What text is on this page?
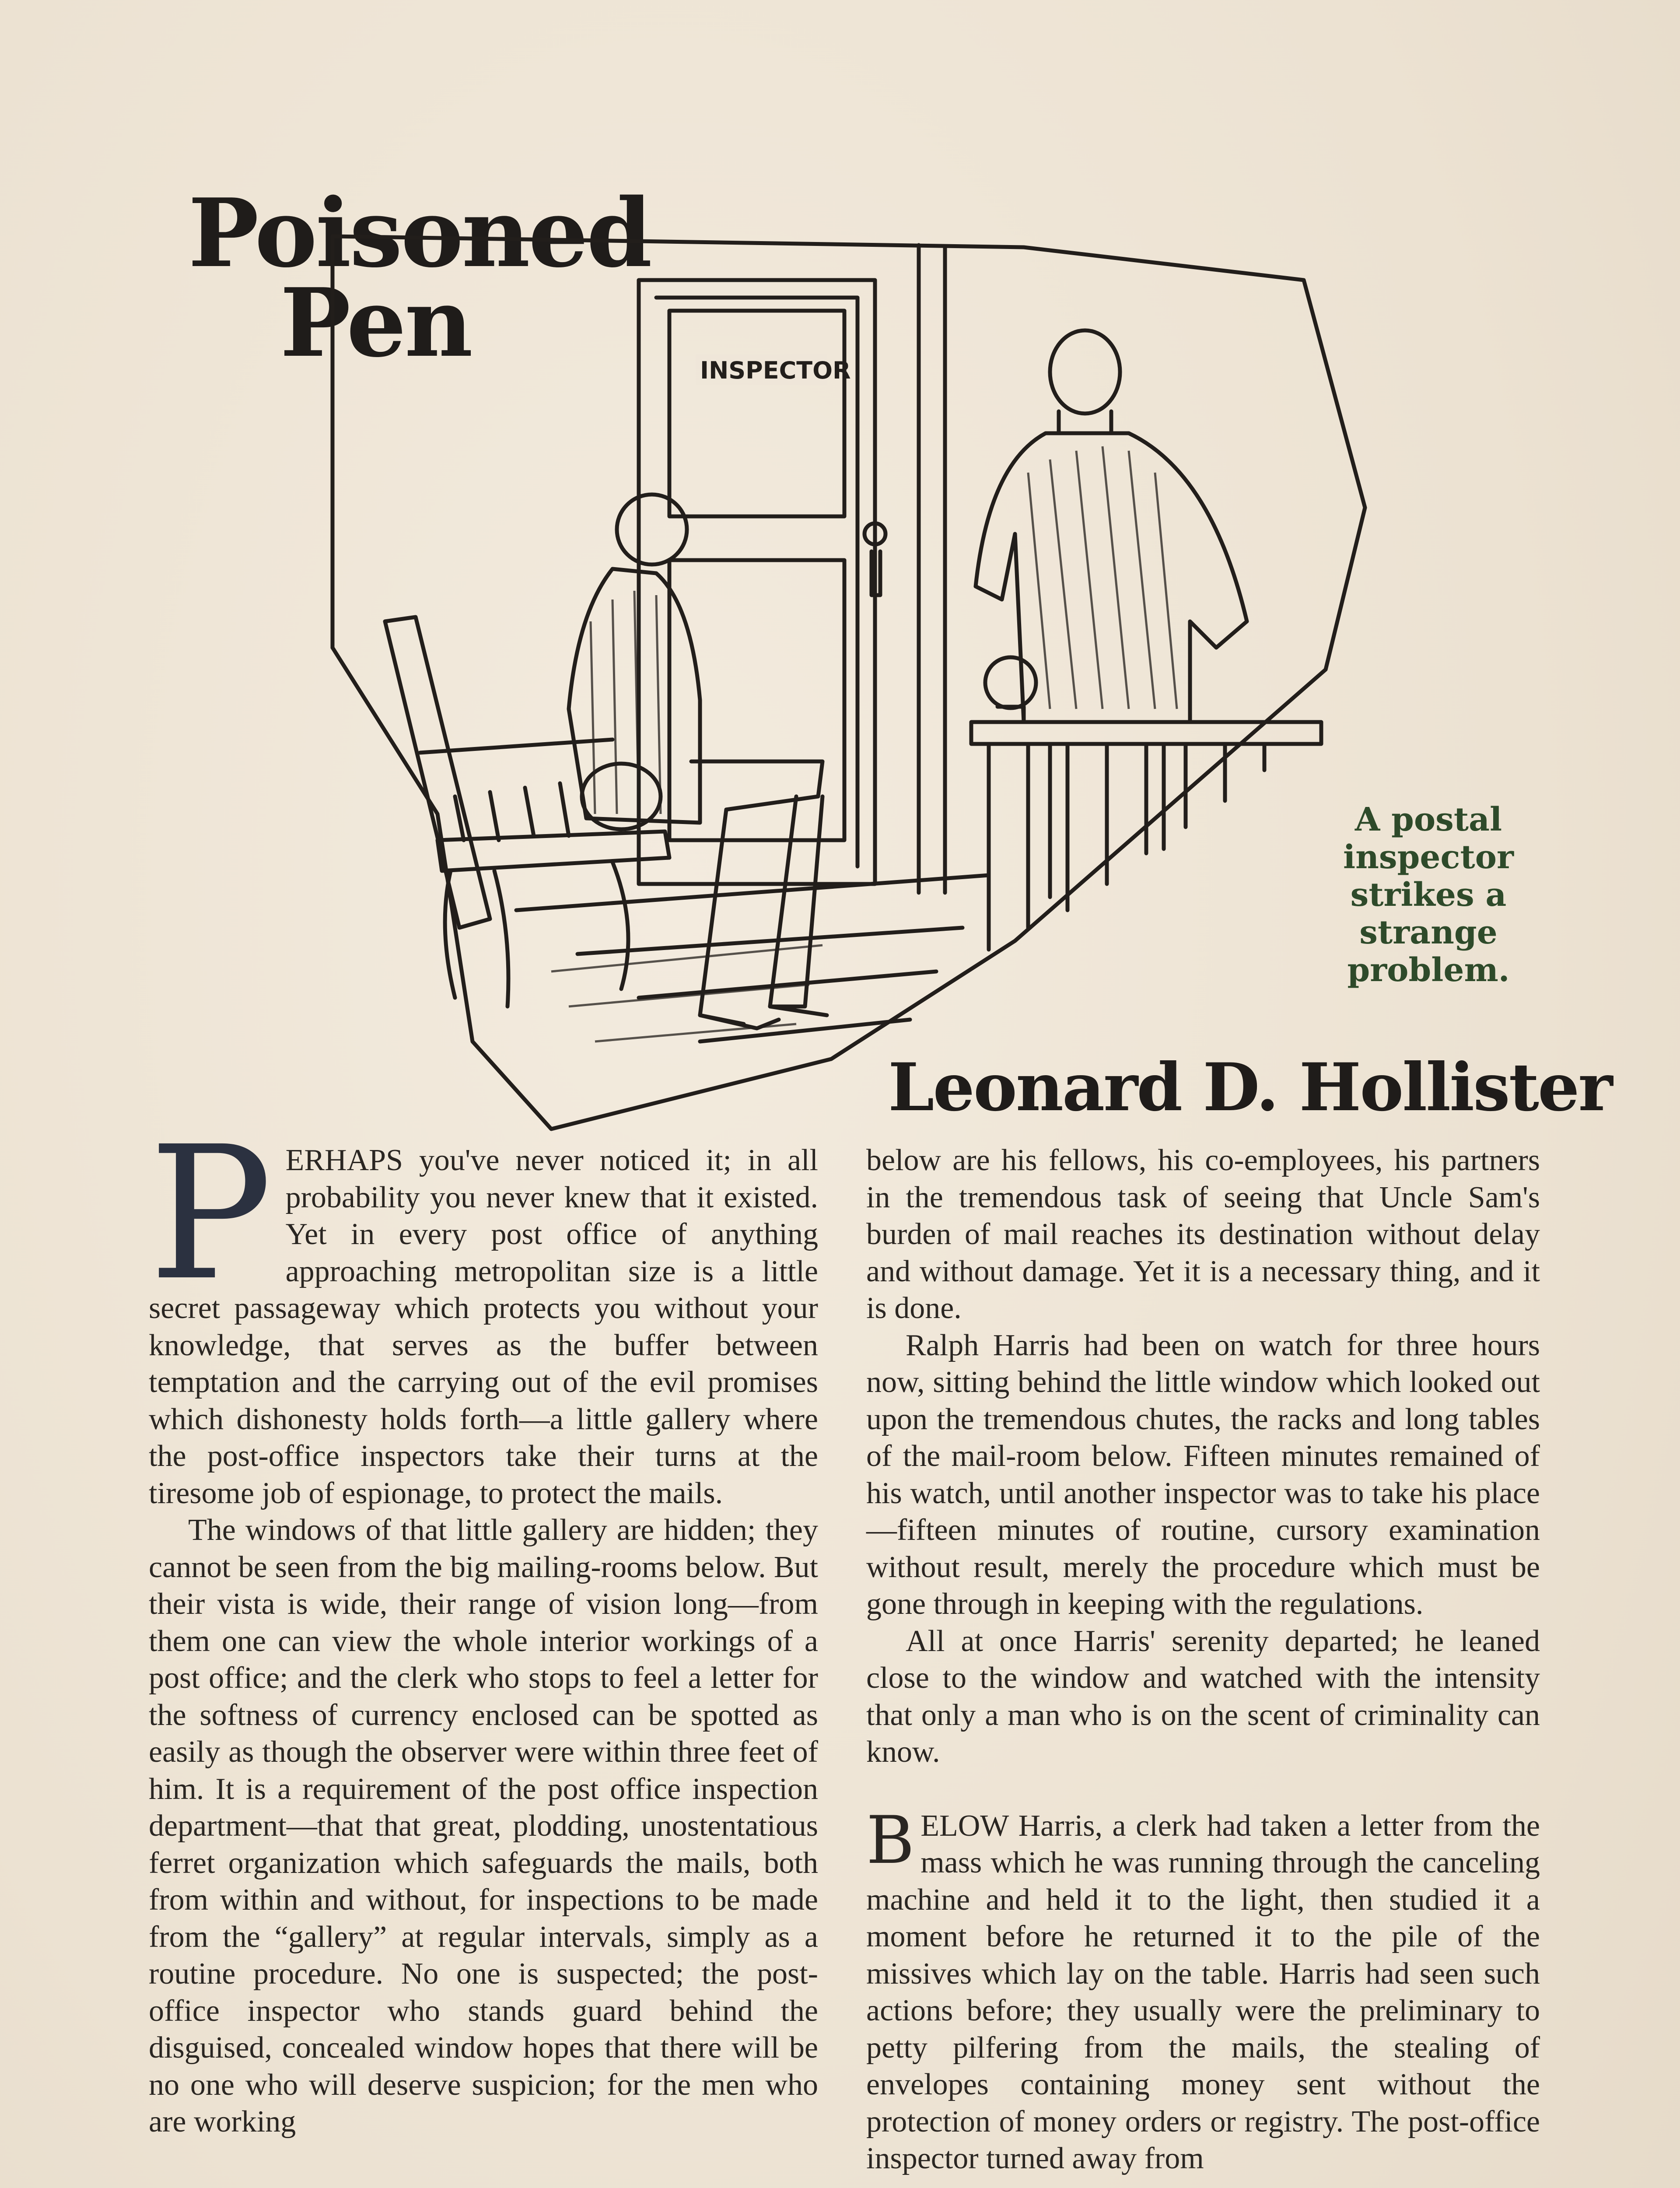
Poisoned
Pen	INSPECTOR
A postal
inspector
strikes a
strange
problem.
Leonard D. Hollister

PERHAPS you've never noticed it; in all probability you never knew that it existed. Yet in every post office of anything approaching metropolitan size is a little secret passageway which protects you without your knowledge, that serves as the buffer between temptation and the carrying out of the evil promises which dishonesty holds forth—a little gallery where the post-office inspectors take their turns at the tiresome job of espionage, to protect the mails.

The windows of that little gallery are hidden; they cannot be seen from the big mailing-rooms below. But their vista is wide, their range of vision long—from them one can view the whole interior workings of a post office; and the clerk who stops to feel a letter for the softness of currency enclosed can be spotted as easily as though the observer were within three feet of him. It is a requirement of the post office inspection department—that that great, plodding, unostentatious ferret organization which safeguards the mails, both from within and without, for inspections to be made from the “gallery” at regular intervals, simply as a routine procedure. No one is suspected; the post-office inspector who stands guard behind the disguised, concealed window hopes that there will be no one who will deserve suspicion; for the men who are working

below are his fellows, his co-employees, his partners in the tremendous task of seeing that Uncle Sam's burden of mail reaches its destination without delay and without damage. Yet it is a necessary thing, and it is done.

Ralph Harris had been on watch for three hours now, sitting behind the little window which looked out upon the tremendous chutes, the racks and long tables of the mail-room below. Fifteen minutes remained of his watch, until another inspector was to take his place—fifteen minutes of routine, cursory examination without result, merely the procedure which must be gone through in keeping with the regulations.

All at once Harris' serenity departed; he leaned close to the window and watched with the intensity that only a man who is on the scent of criminality can know.

BELOW Harris, a clerk had taken a letter from the mass which he was running through the canceling machine and held it to the light, then studied it a moment before he returned it to the pile of the missives which lay on the table. Harris had seen such actions before; they usually were the preliminary to petty pilfering from the mails, the stealing of envelopes containing money sent without the protection of money orders or registry. The post-office inspector turned away from
